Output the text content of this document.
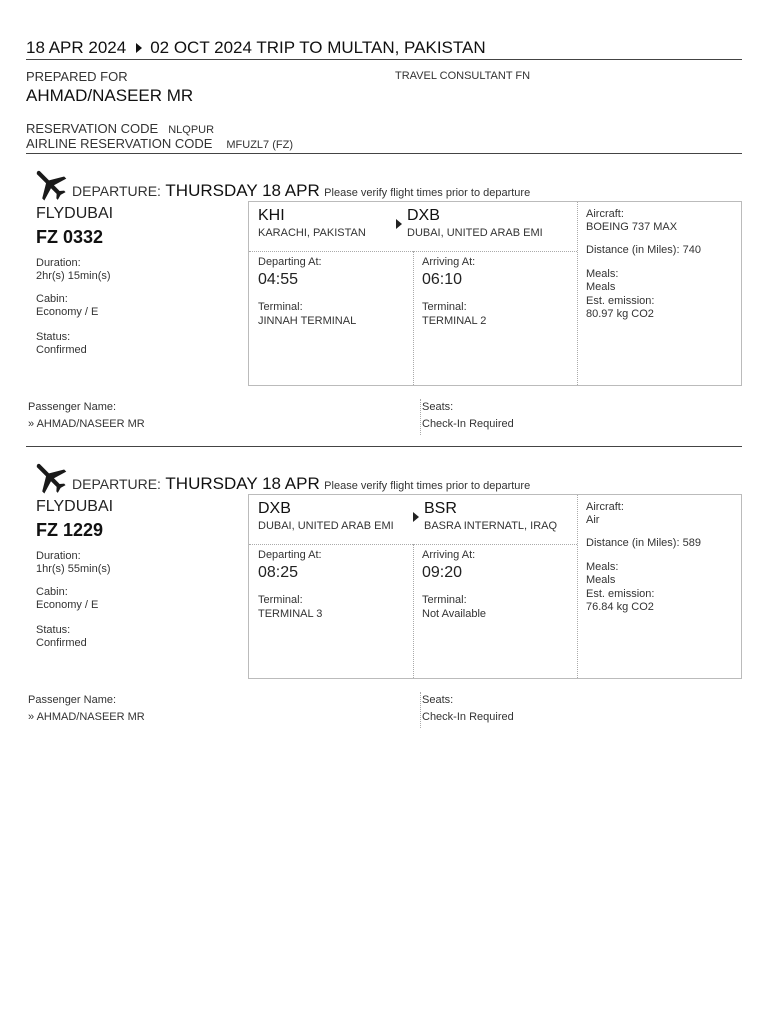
18 APR 2024 02 OCT 2024 TRIP TO MULTAN, PAKISTAN
PREPARED FOR
AHMAD/NASEER MR
TRAVEL CONSULTANT FN
RESERVATION CODE NLQPUR
AIRLINE RESERVATION CODE MFUZL7 (FZ)
DEPARTURE: THURSDAY 18 APR Please verify flight times prior to departure
FLYDUBAI
FZ 0332
Duration:
2hr(s) 15min(s)
Cabin:
Economy / E
Status:
Confirmed
KHI
KARACHI, PAKISTAN
DXB
DUBAI, UNITED ARAB EMI
Departing At:
04:55
Terminal:
JINNAH TERMINAL
Arriving At:
06:10
Terminal:
TERMINAL 2
Aircraft:
BOEING 737 MAX
Distance (in Miles): 740
Meals:
Meals
Est. emission:
80.97 kg CO2
Passenger Name:
» AHMAD/NASEER MR
Seats:
Check-In Required
DEPARTURE: THURSDAY 18 APR Please verify flight times prior to departure
FLYDUBAI
FZ 1229
Duration:
1hr(s) 55min(s)
Cabin:
Economy / E
Status:
Confirmed
DXB
DUBAI, UNITED ARAB EMI
BSR
BASRA INTERNATL, IRAQ
Departing At:
08:25
Terminal:
TERMINAL 3
Arriving At:
09:20
Terminal:
Not Available
Aircraft:
Air
Distance (in Miles): 589
Meals:
Meals
Est. emission:
76.84 kg CO2
Passenger Name:
» AHMAD/NASEER MR
Seats:
Check-In Required
